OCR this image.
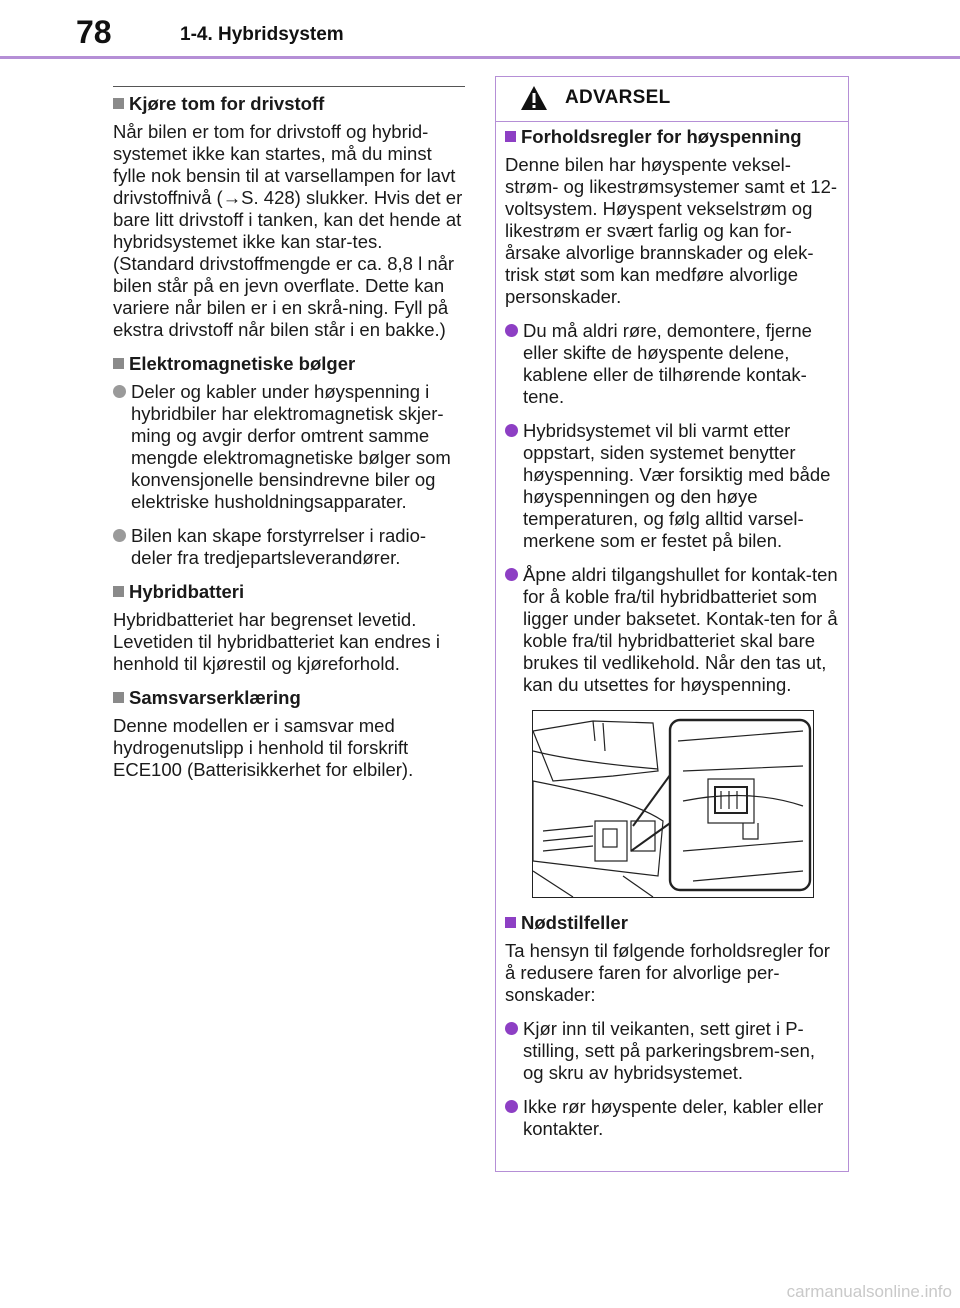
78	1-4. Hybridsystem
Kjøre tom for drivstoff
Når bilen er tom for drivstoff og hybrid-systemet ikke kan startes, må du minst fylle nok bensin til at varsellampen for lavt drivstoffnivå (→S. 428) slukker. Hvis det er bare litt drivstoff i tanken, kan det hende at hybridsystemet ikke kan star-tes. (Standard drivstoffmengde er ca. 8,8 l når bilen står på en jevn overflate. Dette kan variere når bilen er i en skrå-ning. Fyll på ekstra drivstoff når bilen står i en bakke.)
Elektromagnetiske bølger
Deler og kabler under høyspenning i hybridbiler har elektromagnetisk skjer-ming og avgir derfor omtrent samme mengde elektromagnetiske bølger som konvensjonelle bensindrevne biler og elektriske husholdningsapparater.
Bilen kan skape forstyrrelser i radio-deler fra tredjepartsleverandører.
Hybridbatteri
Hybridbatteriet har begrenset levetid. Levetiden til hybridbatteriet kan endres i henhold til kjørestil og kjøreforhold.
Samsvarserklæring
Denne modellen er i samsvar med hydrogenutslipp i henhold til forskrift ECE100 (Batterisikkerhet for elbiler).
ADVARSEL
Forholdsregler for høyspenning
Denne bilen har høyspente veksel-strøm- og likestrømsystemer samt et 12-voltsystem. Høyspent vekselstrøm og likestrøm er svært farlig og kan for-årsake alvorlige brannskader og elek-trisk støt som kan medføre alvorlige personskader.
Du må aldri røre, demontere, fjerne eller skifte de høyspente delene, kablene eller de tilhørende kontak-tene.
Hybridsystemet vil bli varmt etter oppstart, siden systemet benytter høyspenning. Vær forsiktig med både høyspenningen og den høye temperaturen, og følg alltid varsel-merkene som er festet på bilen.
Åpne aldri tilgangshullet for kontak-ten for å koble fra/til hybridbatteriet som ligger under baksetet. Kontak-ten for å koble fra/til hybridbatteriet skal bare brukes til vedlikehold. Når den tas ut, kan du utsettes for høyspenning.
Nødstilfeller
Ta hensyn til følgende forholdsregler for å redusere faren for alvorlige per-sonskader:
Kjør inn til veikanten, sett giret i P-stilling, sett på parkeringsbrem-sen, og skru av hybridsystemet.
Ikke rør høyspente deler, kabler eller kontakter.
carmanualsonline.info
